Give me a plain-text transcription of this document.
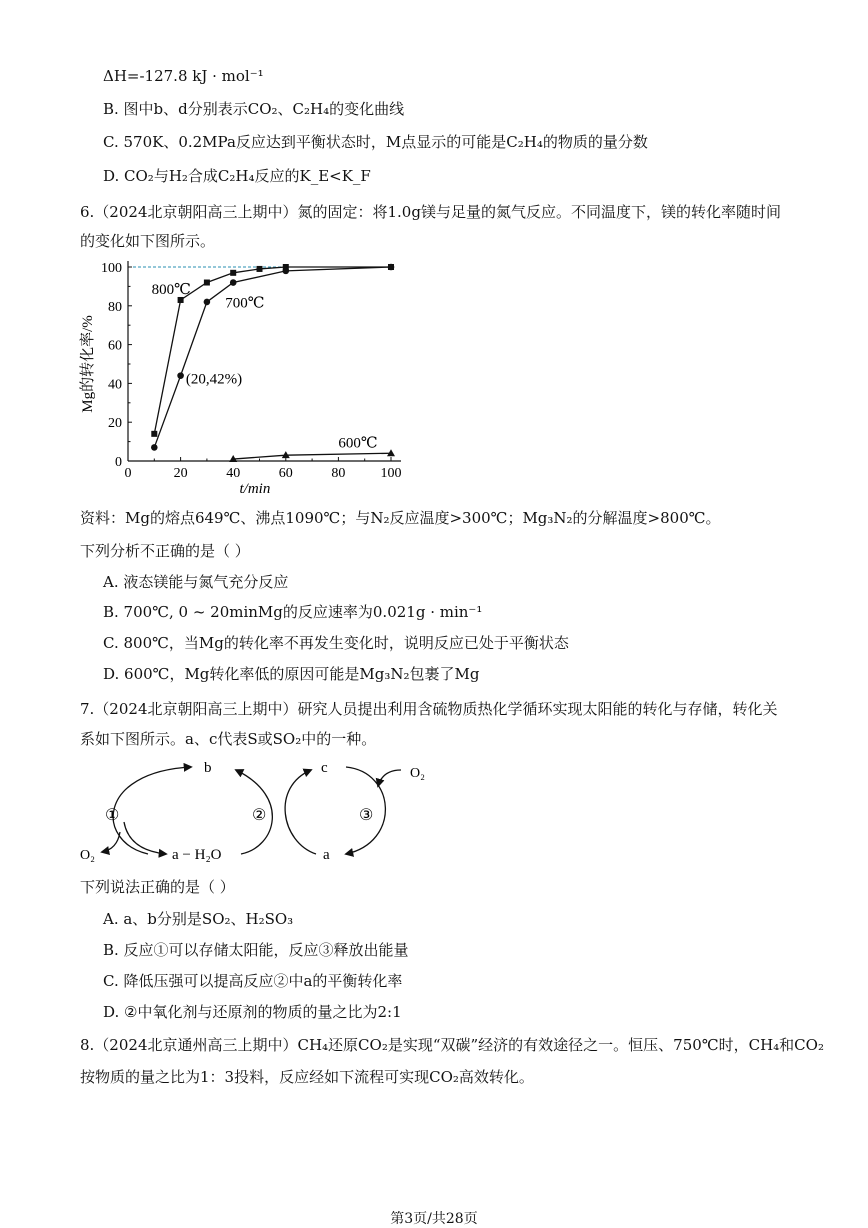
ΔH=-127.8 kJ · mol⁻¹
B. 图中b、d分别表示CO₂、C₂H₄的变化曲线
C. 570K、0.2MPa反应达到平衡状态时，M点显示的可能是C₂H₄的物质的量分数
D. CO₂与H₂合成C₂H₄反应的K_E<K_F
6.（2024北京朝阳高三上期中）氮的固定：将1.0g镁与足量的氮气反应。不同温度下，镁的转化率随时间
的变化如下图所示。
0	20	40	60	80	100
0
20
40
60
80
100
t/min
Mg的转化率/%
800℃
700℃
600℃
(20,42%)
资料：Mg的熔点649℃、沸点1090℃；与N₂反应温度>300℃；Mg₃N₂的分解温度>800℃。
下列分析不正确的是（ ）
A. 液态镁能与氮气充分反应
B. 700℃, 0 ~ 20minMg的反应速率为0.021g · min⁻¹
C. 800℃，当Mg的转化率不再发生变化时，说明反应已处于平衡状态
D. 600℃，Mg转化率低的原因可能是Mg₃N₂包裹了Mg
7.（2024北京朝阳高三上期中）研究人员提出利用含硫物质热化学循环实现太阳能的转化与存储，转化关
系如下图所示。a、c代表S或SO₂中的一种。
b	c
a − H₂O	a
O₂
O₂
①	②	③
下列说法正确的是（ ）
A. a、b分别是SO₂、H₂SO₃
B. 反应①可以存储太阳能，反应③释放出能量
C. 降低压强可以提高反应②中a的平衡转化率
D. ②中氧化剂与还原剂的物质的量之比为2:1
8.（2024北京通州高三上期中）CH₄还原CO₂是实现“双碳”经济的有效途径之一。恒压、750℃时，CH₄和CO₂
按物质的量之比为1：3投料，反应经如下流程可实现CO₂高效转化。
第3页/共28页
